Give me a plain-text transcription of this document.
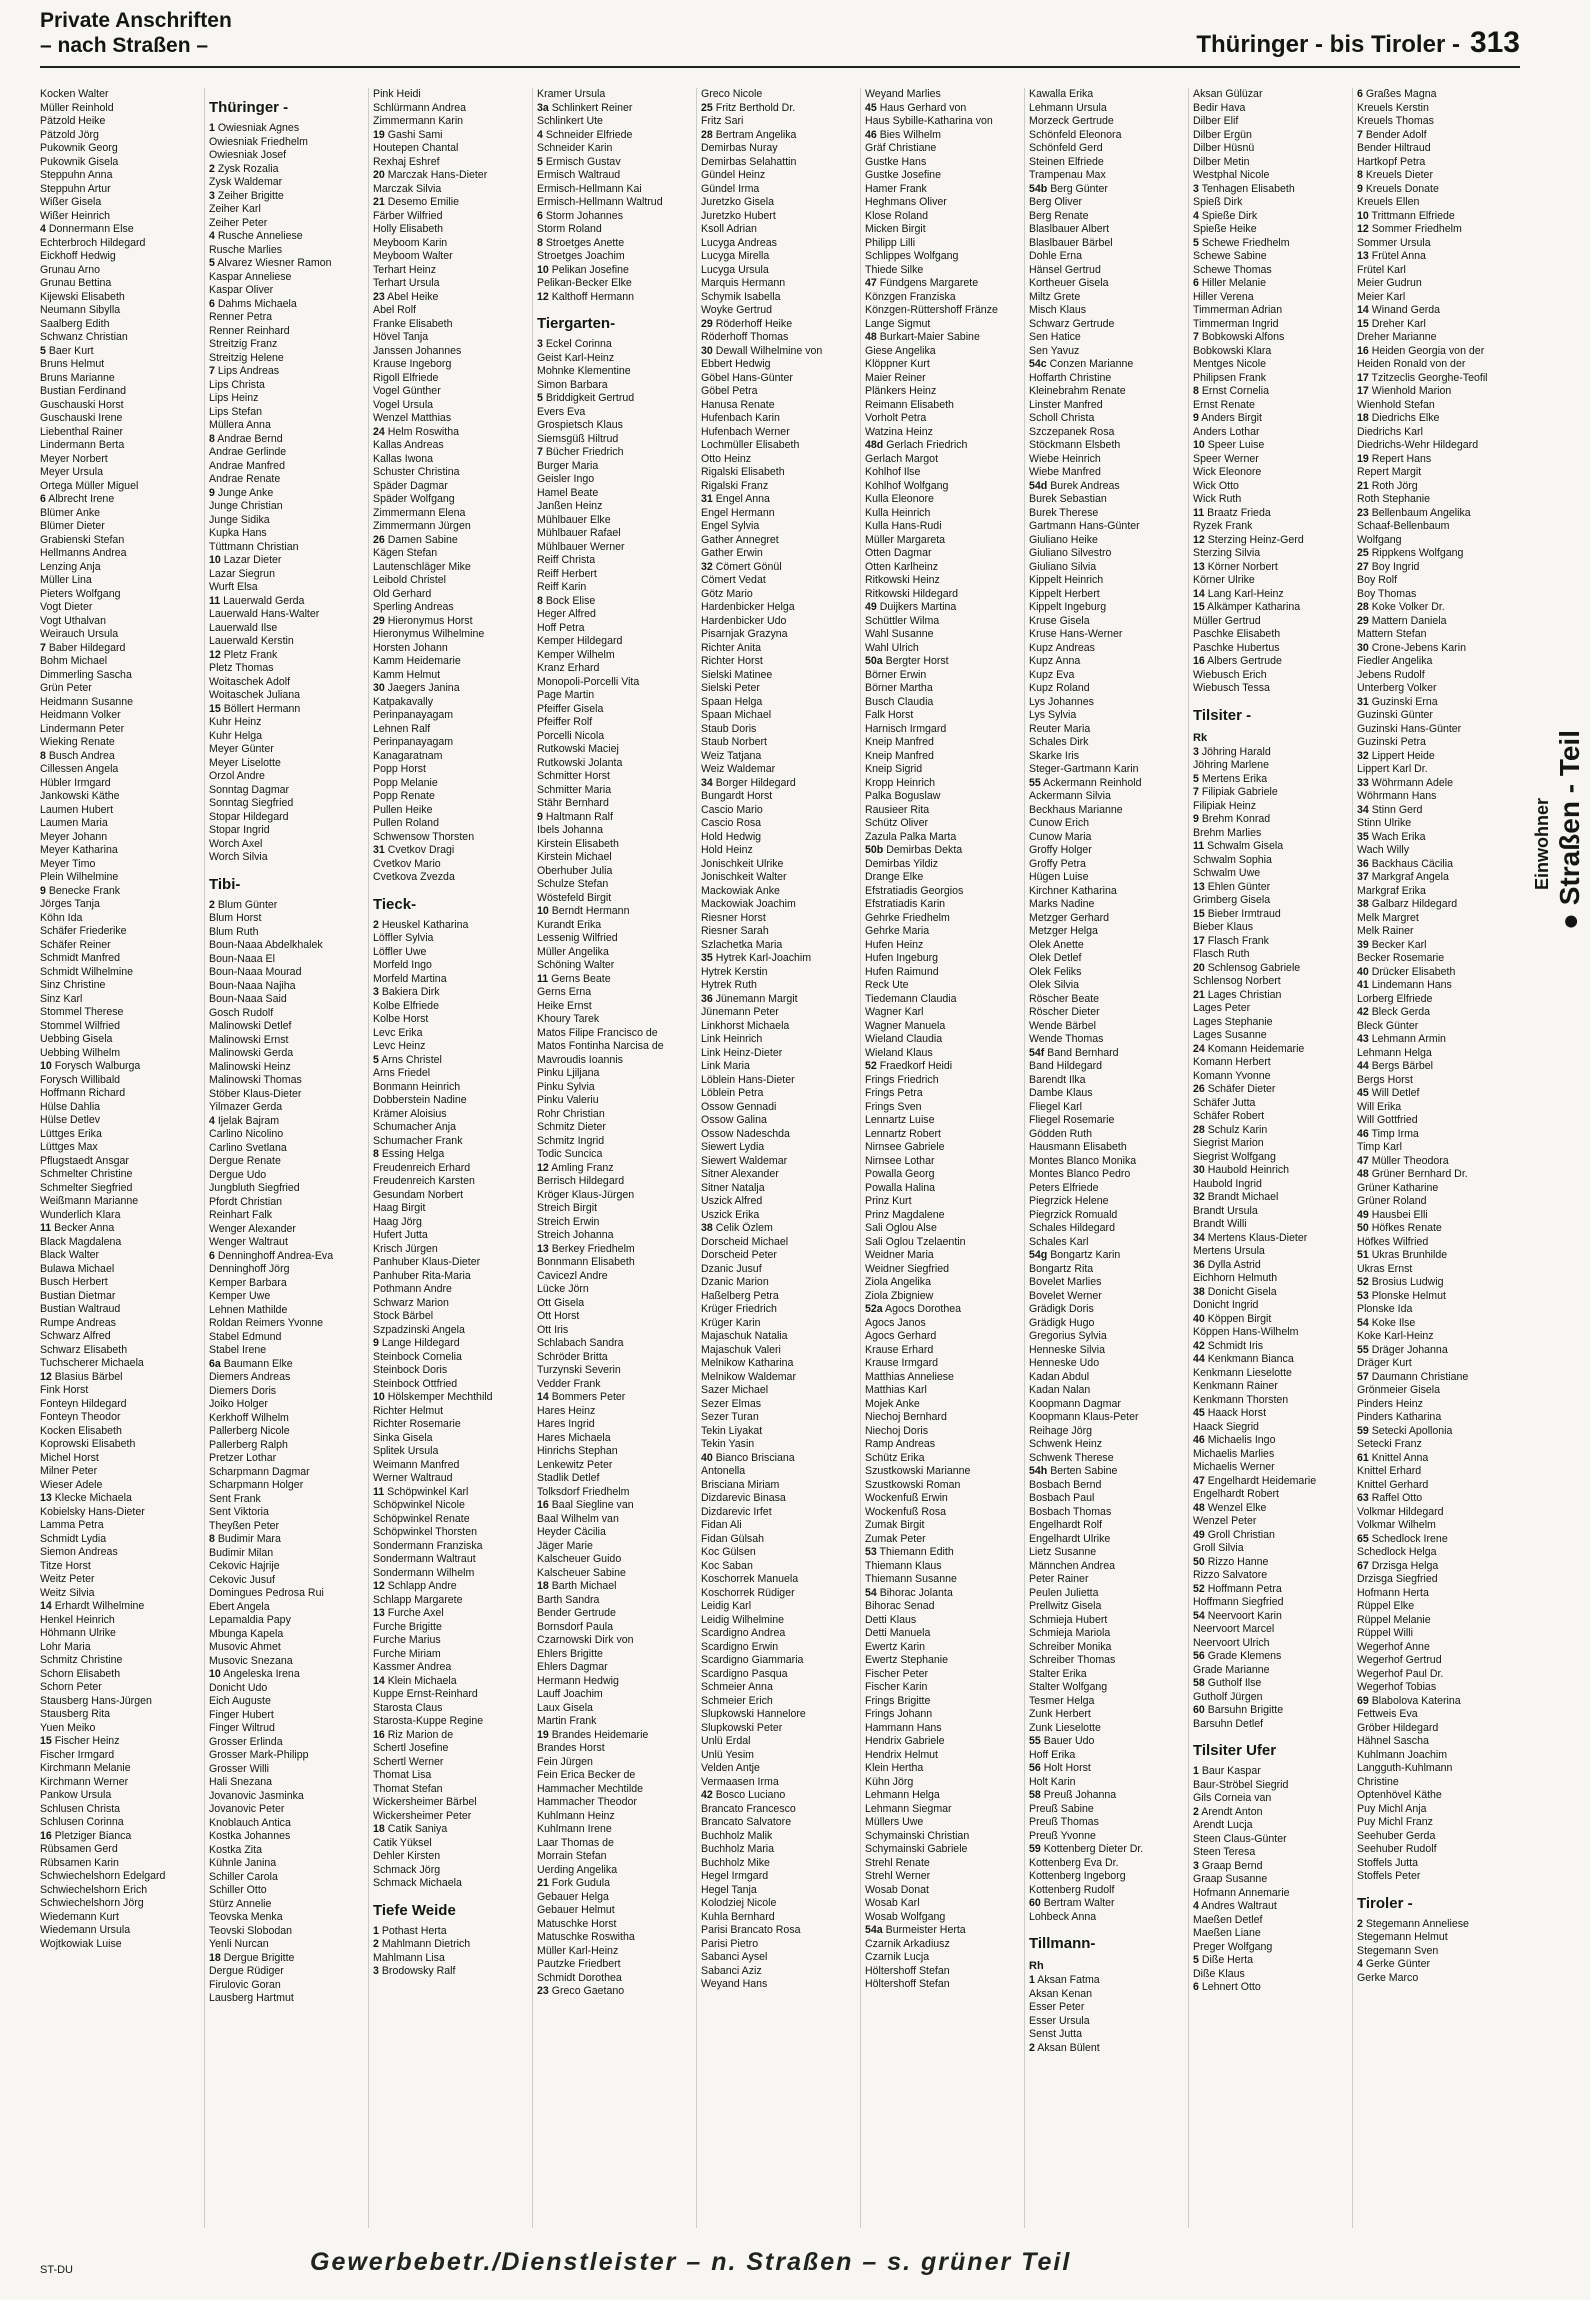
Private Anschriften
– nach Straßen –	Thüringer - bis Tiroler - 313
Kocken Walter
Müller Reinhold
Pätzold Heike
Pätzold Jörg
Pukownik Georg
Pukownik Gisela
Steppuhn Anna
Steppuhn Artur
Wißer Gisela
Wißer Heinrich
4 Donnermann Else
Echterbroch Hildegard
Eickhoff Hedwig
Grunau Arno
Grunau Bettina
Kijewski Elisabeth
Neumann Sibylla
Saalberg Edith
Schwanz Christian
5 Baer Kurt
Bruns Helmut
Bruns Marianne
Bustian Ferdinand
Guschauski Horst
Guschauski Irene
Liebenthal Rainer
Lindermann Berta
Meyer Norbert
Meyer Ursula
Ortega Müller Miguel
6 Albrecht Irene
Blümer Anke
Blümer Dieter
Grabienski Stefan
Hellmanns Andrea
Lenzing Anja
Müller Lina
Pieters Wolfgang
Vogt Dieter
Vogt Uthalvan
Weirauch Ursula
7 Baber Hildegard
Bohm Michael
Dimmerling Sascha
Grün Peter
Heidmann Susanne
Heidmann Volker
Lindermann Peter
Wieking Renate
8 Busch Andrea
Cillessen Angela
Hübler Irmgard
Jankowski Käthe
Laumen Hubert
Laumen Maria
Meyer Johann
Meyer Katharina
Meyer Timo
Plein Wilhelmine
9 Benecke Frank
Jörges Tanja
Köhn Ida
Schäfer Friederike
Schäfer Reiner
Schmidt Manfred
Schmidt Wilhelmine
Sinz Christine
Sinz Karl
Stommel Therese
Stommel Wilfried
Uebbing Gisela
Uebbing Wilhelm
10 Forysch Walburga
Forysch Willibald
Hoffmann Richard
Hülse Dahlia
Hülse Detlev
Lüttges Erika
Lüttges Max
Pflugstaedt Ansgar
Schmelter Christine
Schmelter Siegfried
Weißmann Marianne
Wunderlich Klara
11 Becker Anna
Black Magdalena
Black Walter
Bulawa Michael
Busch Herbert
Bustian Dietmar
Bustian Waltraud
Rumpe Andreas
Schwarz Alfred
Schwarz Elisabeth
Tuchscherer Michaela
12 Blasius Bärbel
Fink Horst
Fonteyn Hildegard
Fonteyn Theodor
Kocken Elisabeth
Koprowski Elisabeth
Michel Horst
Milner Peter
Wieser Adele
13 Klecke Michaela
Kobielsky Hans-Dieter
Lamma Petra
Schmidt Lydia
Siemon Andreas
Titze Horst
Weitz Peter
Weitz Silvia
14 Erhardt Wilhelmine
Henkel Heinrich
Höhmann Ulrike
Lohr Maria
Schmitz Christine
Schorn Elisabeth
Schorn Peter
Stausberg Hans-Jürgen
Stausberg Rita
Yuen Meiko
15 Fischer Heinz
Fischer Irmgard
Kirchmann Melanie
Kirchmann Werner
Pankow Ursula
Schlusen Christa
Schlusen Corinna
16 Pletziger Bianca
Rübsamen Gerd
Rübsamen Karin
Schwiechelshorn Edelgard
Schwiechelshorn Erich
Schwiechelshorn Jörg
Wiedemann Kurt
Wiedemann Ursula
Wojtkowiak Luise
Thüringer -
1 Owiesniak Agnes
Owiesniak Friedhelm
Owiesniak Josef
2 Zysk Rozalia
Zysk Waldemar
3 Zeiher Brigitte
Zeiher Karl
Zeiher Peter
4 Rusche Anneliese
Rusche Marlies
5 Alvarez Wiesner Ramon
Kaspar Anneliese
Kaspar Oliver
6 Dahms Michaela
Renner Petra
Renner Reinhard
Streitzig Franz
Streitzig Helene
7 Lips Andreas
Lips Christa
Lips Heinz
Lips Stefan
Müllera Anna
8 Andrae Bernd
Andrae Gerlinde
Andrae Manfred
Andrae Renate
9 Junge Anke
Junge Christian
Junge Sidika
Kupka Hans
Tüttmann Christian
10 Lazar Dieter
Lazar Siegrun
Wurft Elsa
11 Lauerwald Gerda
Lauerwald Hans-Walter
Lauerwald Ilse
Lauerwald Kerstin
12 Pletz Frank
Pletz Thomas
Woitaschek Adolf
Woitaschek Juliana
15 Böllert Hermann
Kuhr Heinz
Kuhr Helga
Meyer Günter
Meyer Liselotte
Orzol Andre
Sonntag Dagmar
Sonntag Siegfried
Stopar Hildegard
Stopar Ingrid
Worch Axel
Worch Silvia
Tibi-
2 Blum Günter
Blum Horst
Blum Ruth
Boun-Naaa Abdelkhalek
Boun-Naaa El
Boun-Naaa Mourad
Boun-Naaa Najiha
Boun-Naaa Said
Gosch Rudolf
Malinowski Detlef
Malinowski Ernst
Malinowski Gerda
Malinowski Heinz
Malinowski Thomas
Stöber Klaus-Dieter
Yilmazer Gerda
4 Ijelak Bajram
Carlino Nicolino
Carlino Svetlana
Dergue Renate
Dergue Udo
Jungbluth Siegfried
Pfordt Christian
Reinhart Falk
Wenger Alexander
Wenger Waltraut
6 Denninghoff Andrea-Eva
Denninghoff Jörg
Kemper Barbara
Kemper Uwe
Lehnen Mathilde
Roldan Reimers Yvonne
Stabel Edmund
Stabel Irene
6a Baumann Elke
Diemers Andreas
Diemers Doris
Joiko Holger
Kerkhoff Wilhelm
Pallerberg Nicole
Pallerberg Ralph
Pretzer Lothar
Scharpmann Dagmar
Scharpmann Holger
Sent Frank
Sent Viktoria
Theyßen Peter
8 Budimir Mara
Budimir Milan
Cekovic Hajrije
Cekovic Jusuf
Domingues Pedrosa Rui
Ebert Angela
Lepamaldia Papy
Mbunga Kapela
Musovic Ahmet
Musovic Snezana
10 Angeleska Irena
Donicht Udo
Eich Auguste
Finger Hubert
Finger Wiltrud
Grosser Erlinda
Grosser Mark-Philipp
Grosser Willi
Hali Snezana
Jovanovic Jasminka
Jovanovic Peter
Knoblauch Antica
Kostka Johannes
Kostka Zita
Kühnle Janina
Schiller Carola
Schiller Otto
Stürz Annelie
Teovska Menka
Teovski Slobodan
Yenli Nurcan
18 Dergue Brigitte
Dergue Rüdiger
Firulovic Goran
Lausberg Hartmut
Pink Heidi
Schlürmann Andrea
Zimmermann Karin
19 Gashi Sami
Houtepen Chantal
Rexhaj Eshref
20 Marczak Hans-Dieter
Marczak Silvia
21 Desemo Emilie
Färber Wilfried
Holly Elisabeth
Meyboom Karin
Meyboom Walter
Terhart Heinz
Terhart Ursula
23 Abel Heike
Abel Rolf
Franke Elisabeth
Hövel Tanja
Janssen Johannes
Krause Ingeborg
Rigoll Elfriede
Vogel Günther
Vogel Ursula
Wenzel Matthias
24 Helm Roswitha
Kallas Andreas
Kallas Iwona
Schuster Christina
Späder Dagmar
Späder Wolfgang
Zimmermann Elena
Zimmermann Jürgen
26 Damen Sabine
Kägen Stefan
Lautenschläger Mike
Leibold Christel
Old Gerhard
Sperling Andreas
29 Hieronymus Horst
Hieronymus Wilhelmine
Horsten Johann
Kamm Heidemarie
Kamm Helmut
30 Jaegers Janina
Katpakavally
Perinpanayagam
Lehnen Ralf
Perinpanayagam
Kanagaratnam
Popp Horst
Popp Melanie
Popp Renate
Pullen Heike
Pullen Roland
Schwensow Thorsten
31 Cvetkov Dragi
Cvetkov Mario
Cvetkova Zvezda
Tieck-
2 Heuskel Katharina
Löffler Sylvia
Löffler Uwe
Morfeld Ingo
Morfeld Martina
3 Bakiera Dirk
Kolbe Elfriede
Kolbe Horst
Levc Erika
Levc Heinz
5 Arns Christel
Arns Friedel
Bonmann Heinrich
Dobberstein Nadine
Krämer Aloisius
Schumacher Anja
Schumacher Frank
8 Essing Helga
Freudenreich Erhard
Freudenreich Karsten
Gesundam Norbert
Haag Birgit
Haag Jörg
Hufert Jutta
Krisch Jürgen
Panhuber Klaus-Dieter
Panhuber Rita-Maria
Pothmann Andre
Schwarz Marion
Stock Bärbel
Szpadzinski Angela
9 Lange Hildegard
Steinbock Cornelia
Steinbock Doris
Steinbock Ottfried
10 Hölskemper Mechthild
Richter Helmut
Richter Rosemarie
Sinka Gisela
Splitek Ursula
Weimann Manfred
Werner Waltraud
11 Schöpwinkel Karl
Schöpwinkel Nicole
Schöpwinkel Renate
Schöpwinkel Thorsten
Sondermann Franziska
Sondermann Waltraut
Sondermann Wilhelm
12 Schlapp Andre
Schlapp Margarete
13 Furche Axel
Furche Brigitte
Furche Marius
Furche Miriam
Kassmer Andrea
14 Klein Michaela
Kuppe Ernst-Reinhard
Starosta Claus
Starosta-Kuppe Regine
16 Riz Marion de
Schertl Josefine
Schertl Werner
Thomat Lisa
Thomat Stefan
Wickersheimer Bärbel
Wickersheimer Peter
18 Catik Saniya
Catik Yüksel
Dehler Kirsten
Schmack Jörg
Schmack Michaela
Tiefe Weide
1 Pothast Herta
2 Mahlmann Dietrich
Mahlmann Lisa
3 Brodowsky Ralf
Kramer Ursula
3a Schlinkert Reiner
Schlinkert Ute
4 Schneider Elfriede
Schneider Karin
5 Ermisch Gustav
Ermisch Waltraud
Ermisch-Hellmann Kai
Ermisch-Hellmann Waltrud
6 Storm Johannes
Storm Roland
8 Stroetges Anette
Stroetges Joachim
10 Pelikan Josefine
Pelikan-Becker Elke
12 Kalthoff Hermann
Tiergarten-
3 Eckel Corinna
Geist Karl-Heinz
Mohnke Klementine
Simon Barbara
5 Briddigkeit Gertrud
Evers Eva
Grospietsch Klaus
Siemsgüß Hiltrud
7 Bücher Friedrich
Burger Maria
Geisler Ingo
Hamel Beate
Janßen Heinz
Mühlbauer Elke
Mühlbauer Rafael
Mühlbauer Werner
Reiff Christa
Reiff Herbert
Reiff Karin
8 Bock Elise
Heger Alfred
Hoff Petra
Kemper Hildegard
Kemper Wilhelm
Kranz Erhard
Monopoli-Porcelli Vita
Page Martin
Pfeiffer Gisela
Pfeiffer Rolf
Porcelli Nicola
Rutkowski Maciej
Rutkowski Jolanta
Schmitter Horst
Schmitter Maria
Stähr Bernhard
9 Haltmann Ralf
Ibels Johanna
Kirstein Elisabeth
Kirstein Michael
Oberhuber Julia
Schulze Stefan
Wöstefeld Birgit
10 Berndt Hermann
Kurandt Erika
Lessenig Wilfried
Müller Angelika
Schöning Walter
11 Gerns Beate
Gerns Erna
Heike Ernst
Khoury Tarek
Matos Filipe Francisco de
Matos Fontinha Narcisa de
Mavroudis Ioannis
Pinku Ljiljana
Pinku Sylvia
Pinku Valeriu
Rohr Christian
Schmitz Dieter
Schmitz Ingrid
Todic Suncica
12 Amling Franz
Berrisch Hildegard
Kröger Klaus-Jürgen
Streich Birgit
Streich Erwin
Streich Johanna
13 Berkey Friedhelm
Bonnmann Elisabeth
Cavicezl Andre
Lücke Jörn
Ott Gisela
Ott Horst
Ott Iris
Schlabach Sandra
Schröder Britta
Turzynski Severin
Vedder Frank
14 Bommers Peter
Hares Heinz
Hares Ingrid
Hares Michaela
Hinrichs Stephan
Lenkewitz Peter
Stadlik Detlef
Tolksdorf Friedhelm
16 Baal Siegline van
Baal Wilhelm van
Heyder Cäcilia
Jäger Marie
Kalscheuer Guido
Kalscheuer Sabine
18 Barth Michael
Barth Sandra
Bender Gertrude
Bornsdorf Paula
Czarnowski Dirk von
Ehlers Brigitte
Ehlers Dagmar
Hermann Hedwig
Lauff Joachim
Laux Gisela
Martin Frank
19 Brandes Heidemarie
Brandes Horst
Fein Jürgen
Fein Erica Becker de
Hammacher Mechtilde
Hammacher Theodor
Kuhlmann Heinz
Kuhlmann Irene
Laar Thomas de
Morrain Stefan
Uerding Angelika
21 Fork Gudula
Gebauer Helga
Gebauer Helmut
Matuschke Horst
Matuschke Roswitha
Müller Karl-Heinz
Pautzke Friedbert
Schmidt Dorothea
23 Greco Gaetano
Greco Nicole
25 Fritz Berthold Dr.
Fritz Sari
28 Bertram Angelika
Demirbas Nuray
Demirbas Selahattin
Gündel Heinz
Gündel Irma
Juretzko Gisela
Juretzko Hubert
Ksoll Adrian
Lucyga Andreas
Lucyga Mirella
Lucyga Ursula
Marquis Hermann
Schymik Isabella
Woyke Gertrud
29 Röderhoff Heike
Röderhoff Thomas
30 Dewall Wilhelmine von
Ebbert Hedwig
Göbel Hans-Günter
Göbel Petra
Hanusa Renate
Hufenbach Karin
Hufenbach Werner
Lochmüller Elisabeth
Otto Heinz
Rigalski Elisabeth
Rigalski Franz
31 Engel Anna
Engel Hermann
Engel Sylvia
Gather Annegret
Gather Erwin
32 Cömert Gönül
Cömert Vedat
Götz Mario
Hardenbicker Helga
Hardenbicker Udo
Pisarnjak Grazyna
Richter Anita
Richter Horst
Sielski Matinee
Sielski Peter
Spaan Helga
Spaan Michael
Staub Doris
Staub Norbert
Weiz Tatjana
Weiz Waldemar
34 Borger Hildegard
Bungardt Horst
Cascio Mario
Cascio Rosa
Hold Hedwig
Hold Heinz
Jonischkeit Ulrike
Jonischkeit Walter
Mackowiak Anke
Mackowiak Joachim
Riesner Horst
Riesner Sarah
Szlachetka Maria
35 Hytrek Karl-Joachim
Hytrek Kerstin
Hytrek Ruth
36 Jünemann Margit
Jünemann Peter
Linkhorst Michaela
Link Heinrich
Link Heinz-Dieter
Link Maria
Löblein Hans-Dieter
Löblein Petra
Ossow Gennadi
Ossow Galina
Ossow Nadeschda
Siewert Lydia
Siewert Waldemar
Sitner Alexander
Sitner Natalja
Uszick Alfred
Uszick Erika
38 Celik Özlem
Dorscheid Michael
Dorscheid Peter
Dzanic Jusuf
Dzanic Marion
Haßelberg Petra
Krüger Friedrich
Krüger Karin
Majaschuk Natalia
Majaschuk Valeri
Melnikow Katharina
Melnikow Waldemar
Sazer Michael
Sezer Elmas
Sezer Turan
Tekin Liyakat
Tekin Yasin
40 Bianco Brisciana
Antonella
Brisciana Miriam
Dizdarevic Binasa
Dizdarevic Irfet
Fidan Ali
Fidan Gülsah
Koc Gülsen
Koc Saban
Koschorrek Manuela
Koschorrek Rüdiger
Leidig Karl
Leidig Wilhelmine
Scardigno Andrea
Scardigno Erwin
Scardigno Giammaria
Scardigno Pasqua
Schmeier Anna
Schmeier Erich
Slupkowski Hannelore
Slupkowski Peter
Unlü Erdal
Unlü Yesim
Velden Antje
Vermaasen Irma
42 Bosco Luciano
Brancato Francesco
Brancato Salvatore
Buchholz Malik
Buchholz Maria
Buchholz Mike
Hegel Irmgard
Hegel Tanja
Kolodziej Nicole
Kuhla Bernhard
Parisi Brancato Rosa
Parisi Pietro
Sabanci Aysel
Sabanci Aziz
Weyand Hans
Weyand Marlies
45 Haus Gerhard von
Haus Sybille-Katharina von
46 Bies Wilhelm
Gräf Christiane
Gustke Hans
Gustke Josefine
Hamer Frank
Heghmans Oliver
Klose Roland
Micken Birgit
Philipp Lilli
Schlippes Wolfgang
Thiede Silke
47 Fündgens Margarete
Könzgen Franziska
Könzgen-Rüttershoff Fränze
Lange Sigmut
48 Burkart-Maier Sabine
Giese Angelika
Klöppner Kurt
Maier Reiner
Plänkers Heinz
Reimann Elisabeth
Vorholt Petra
Watzina Heinz
48d Gerlach Friedrich
Gerlach Margot
Kohlhof Ilse
Kohlhof Wolfgang
Kulla Eleonore
Kulla Heinrich
Kulla Hans-Rudi
Müller Margareta
Otten Dagmar
Otten Karlheinz
Ritkowski Heinz
Ritkowski Hildegard
49 Duijkers Martina
Schüttler Wilma
Wahl Susanne
Wahl Ulrich
50a Bergter Horst
Börner Erwin
Börner Martha
Busch Claudia
Falk Horst
Harnisch Irmgard
Kneip Manfred
Kneip Manfred
Kneip Sigrid
Kropp Heinrich
Palka Boguslaw
Rausieer Rita
Schütz Oliver
Zazula Palka Marta
50b Demirbas Dekta
Demirbas Yildiz
Drange Elke
Efstratiadis Georgios
Efstratiadis Karin
Gehrke Friedhelm
Gehrke Maria
Hufen Heinz
Hufen Ingeburg
Hufen Raimund
Reck Ute
Tiedemann Claudia
Wagner Karl
Wagner Manuela
Wieland Claudia
Wieland Klaus
52 Fraedkorf Heidi
Frings Friedrich
Frings Petra
Frings Sven
Lennartz Luise
Lennartz Robert
Nirnsee Gabriele
Nirnsee Lothar
Powalla Georg
Powalla Halina
Prinz Kurt
Prinz Magdalene
Sali Oglou Alse
Sali Oglou Tzelaentin
Weidner Maria
Weidner Siegfried
Ziola Angelika
Ziola Zbigniew
52a Agocs Dorothea
Agocs Janos
Agocs Gerhard
Krause Erhard
Krause Irmgard
Matthias Anneliese
Matthias Karl
Mojek Anke
Niechoj Bernhard
Niechoj Doris
Ramp Andreas
Schütz Erika
Szustkowski Marianne
Szustkowski Roman
Wockenfuß Erwin
Wockenfuß Rosa
Zumak Birgit
Zumak Peter
53 Thiemann Edith
Thiemann Klaus
Thiemann Susanne
54 Bihorac Jolanta
Bihorac Senad
Detti Klaus
Detti Manuela
Ewertz Karin
Ewertz Stephanie
Fischer Peter
Fischer Karin
Frings Brigitte
Frings Johann
Hammann Hans
Hendrix Gabriele
Hendrix Helmut
Klein Hertha
Kühn Jörg
Lehmann Helga
Lehmann Siegmar
Müllers Uwe
Schymainski Christian
Schymainski Gabriele
Strehl Renate
Strehl Werner
Wosab Donat
Wosab Karl
Wosab Wolfgang
54a Burmeister Herta
Czarnik Arkadiusz
Czarnik Lucja
Höltershoff Stefan
Höltershoff Stefan
Kawalla Erika
Lehmann Ursula
Morzeck Gertrude
Schönfeld Eleonora
Schönfeld Gerd
Steinen Elfriede
Trampenau Max
54b Berg Günter
Berg Oliver
Berg Renate
Blaslbauer Albert
Blaslbauer Bärbel
Dohle Erna
Hänsel Gertrud
Kortheuer Gisela
Miltz Grete
Misch Klaus
Schwarz Gertrude
Sen Hatice
Sen Yavuz
54c Conzen Marianne
Hoffarth Christine
Kleinebrahm Renate
Linster Manfred
Scholl Christa
Szczepanek Rosa
Stöckmann Elsbeth
Wiebe Heinrich
Wiebe Manfred
54d Burek Andreas
Burek Sebastian
Burek Therese
Gartmann Hans-Günter
Giuliano Heike
Giuliano Silvestro
Giuliano Silvia
Kippelt Heinrich
Kippelt Herbert
Kippelt Ingeburg
Kruse Gisela
Kruse Hans-Werner
Kupz Andreas
Kupz Anna
Kupz Eva
Kupz Roland
Lys Johannes
Lys Sylvia
Reuter Maria
Schales Dirk
Skarke Iris
Steger-Gartmann Karin
55 Ackermann Reinhold
Ackermann Silvia
Beckhaus Marianne
Cunow Erich
Cunow Maria
Groffy Holger
Groffy Petra
Hügen Luise
Kirchner Katharina
Marks Nadine
Metzger Gerhard
Metzger Helga
Olek Anette
Olek Detlef
Olek Feliks
Olek Silvia
Röscher Beate
Röscher Dieter
Wende Bärbel
Wende Thomas
54f Band Bernhard
Band Hildegard
Barendt Ilka
Dambe Klaus
Fliegel Karl
Fliegel Rosemarie
Gödden Ruth
Hausmann Elisabeth
Montes Blanco Monika
Montes Blanco Pedro
Peters Elfriede
Piegrzick Helene
Piegrzick Romuald
Schales Hildegard
Schales Karl
54g Bongartz Karin
Bongartz Rita
Bovelet Marlies
Bovelet Werner
Grädigk Doris
Grädigk Hugo
Gregorius Sylvia
Henneske Silvia
Henneske Udo
Kadan Abdul
Kadan Nalan
Koopmann Dagmar
Koopmann Klaus-Peter
Reihage Jörg
Schwenk Heinz
Schwenk Therese
54h Berten Sabine
Bosbach Bernd
Bosbach Paul
Bosbach Thomas
Engelhardt Rolf
Engelhardt Ulrike
Lietz Susanne
Männchen Andrea
Peter Rainer
Peulen Julietta
Prellwitz Gisela
Schmieja Hubert
Schmieja Mariola
Schreiber Monika
Schreiber Thomas
Stalter Erika
Stalter Wolfgang
Tesmer Helga
Zunk Herbert
Zunk Lieselotte
55 Bauer Udo
Hoff Erika
56 Holt Horst
Holt Karin
58 Preuß Johanna
Preuß Sabine
Preuß Thomas
Preuß Yvonne
59 Kottenberg Dieter Dr.
Kottenberg Eva Dr.
Kottenberg Ingeborg
Kottenberg Rudolf
60 Bertram Walter
Lohbeck Anna
Tillmann-
Rh
1 Aksan Fatma
Aksan Kenan
Esser Peter
Esser Ursula
Senst Jutta
2 Aksan Bülent
Aksan Gülüzar
Bedir Hava
Dilber Elif
Dilber Ergün
Dilber Hüsnü
Dilber Metin
Westphal Nicole
3 Tenhagen Elisabeth
Spieß Dirk
4 Spieße Dirk
Spieße Heike
5 Schewe Friedhelm
Schewe Sabine
Schewe Thomas
6 Hiller Melanie
Hiller Verena
Timmerman Adrian
Timmerman Ingrid
7 Bobkowski Alfons
Bobkowski Klara
Mentges Nicole
Philipsen Frank
8 Ernst Cornelia
Ernst Renate
9 Anders Birgit
Anders Lothar
10 Speer Luise
Speer Werner
Wick Eleonore
Wick Otto
Wick Ruth
11 Braatz Frieda
Ryzek Frank
12 Sterzing Heinz-Gerd
Sterzing Silvia
13 Körner Norbert
Körner Ulrike
14 Lang Karl-Heinz
15 Alkämper Katharina
Müller Gertrud
Paschke Elisabeth
Paschke Hubertus
16 Albers Gertrude
Wiebusch Erich
Wiebusch Tessa
Tilsiter -
Rk
3 Jöhring Harald
Jöhring Marlene
5 Mertens Erika
7 Filipiak Gabriele
Filipiak Heinz
9 Brehm Konrad
Brehm Marlies
11 Schwalm Gisela
Schwalm Sophia
Schwalm Uwe
13 Ehlen Günter
Grimberg Gisela
15 Bieber Irmtraud
Bieber Klaus
17 Flasch Frank
Flasch Ruth
20 Schlensog Gabriele
Schlensog Norbert
21 Lages Christian
Lages Peter
Lages Stephanie
Lages Susanne
24 Komann Heidemarie
Komann Herbert
Komann Yvonne
26 Schäfer Dieter
Schäfer Jutta
Schäfer Robert
28 Schulz Karin
Siegrist Marion
Siegrist Wolfgang
30 Haubold Heinrich
Haubold Ingrid
32 Brandt Michael
Brandt Ursula
Brandt Willi
34 Mertens Klaus-Dieter
Mertens Ursula
36 Dylla Astrid
Eichhorn Helmuth
38 Donicht Gisela
Donicht Ingrid
40 Köppen Birgit
Köppen Hans-Wilhelm
42 Schmidt Iris
44 Kenkmann Bianca
Kenkmann Lieselotte
Kenkmann Rainer
Kenkmann Thorsten
45 Haack Horst
Haack Siegrid
46 Michaelis Ingo
Michaelis Marlies
Michaelis Werner
47 Engelhardt Heidemarie
Engelhardt Robert
48 Wenzel Elke
Wenzel Peter
49 Groll Christian
Groll Silvia
50 Rizzo Hanne
Rizzo Salvatore
52 Hoffmann Petra
Hoffmann Siegfried
54 Neervoort Karin
Neervoort Marcel
Neervoort Ulrich
56 Grade Klemens
Grade Marianne
58 Gutholf Ilse
Gutholf Jürgen
60 Barsuhn Brigitte
Barsuhn Detlef
Tilsiter Ufer
1 Baur Kaspar
Baur-Ströbel Siegrid
Gils Corneia van
2 Arendt Anton
Arendt Lucja
Steen Claus-Günter
Steen Teresa
3 Graap Bernd
Graap Susanne
Hofmann Annemarie
4 Andres Waltraut
Maeßen Detlef
Maeßen Liane
Preger Wolfgang
5 Diße Herta
Diße Klaus
6 Lehnert Otto
6 Graßes Magna
Kreuels Kerstin
Kreuels Thomas
7 Bender Adolf
Bender Hiltraud
Hartkopf Petra
8 Kreuels Dieter
9 Kreuels Donate
Kreuels Ellen
10 Trittmann Elfriede
12 Sommer Friedhelm
Sommer Ursula
13 Frütel Anna
Frütel Karl
Meier Gudrun
Meier Karl
14 Winand Gerda
15 Dreher Karl
Dreher Marianne
16 Heiden Georgia von der
Heiden Ronald von der
17 Tzitzeclis Georghe-Teofil
17 Wienhold Marion
Wienhold Stefan
18 Diedrichs Elke
Diedrichs Karl
Diedrichs-Wehr Hildegard
19 Repert Hans
Repert Margit
21 Roth Jörg
Roth Stephanie
23 Bellenbaum Angelika
Schaaf-Bellenbaum
Wolfgang
25 Rippkens Wolfgang
27 Boy Ingrid
Boy Rolf
Boy Thomas
28 Koke Volker Dr.
29 Mattern Daniela
Mattern Stefan
30 Crone-Jebens Karin
Fiedler Angelika
Jebens Rudolf
Unterberg Volker
31 Guzinski Erna
Guzinski Günter
Guzinski Hans-Günter
Guzinski Petra
32 Lippert Heide
Lippert Karl Dr.
33 Wöhrmann Adele
Wöhrmann Hans
34 Stinn Gerd
Stinn Ulrike
35 Wach Erika
Wach Willy
36 Backhaus Cäcilia
37 Markgraf Angela
Markgraf Erika
38 Galbarz Hildegard
Melk Margret
Melk Rainer
39 Becker Karl
Becker Rosemarie
40 Drücker Elisabeth
41 Lindemann Hans
Lorberg Elfriede
42 Bleck Gerda
Bleck Günter
43 Lehmann Armin
Lehmann Helga
44 Bergs Bärbel
Bergs Horst
45 Will Detlef
Will Erika
Will Gottfried
46 Timp Irma
Timp Karl
47 Müller Theodora
48 Grüner Bernhard Dr.
Grüner Katharine
Grüner Roland
49 Hausbei Elli
50 Höfkes Renate
Höfkes Wilfried
51 Ukras Brunhilde
Ukras Ernst
52 Brosius Ludwig
53 Plonske Helmut
Plonske Ida
54 Koke Ilse
Koke Karl-Heinz
55 Dräger Johanna
Dräger Kurt
57 Daumann Christiane
Grönmeier Gisela
Pinders Heinz
Pinders Katharina
59 Setecki Apollonia
Setecki Franz
61 Knittel Anna
Knittel Erhard
Knittel Gerhard
63 Raffel Otto
Volkmar Hildegard
Volkmar Wilhelm
65 Schedlock Irene
Schedlock Helga
67 Drzisga Helga
Drzisga Siegfried
Hofmann Herta
Rüppel Elke
Rüppel Melanie
Rüppel Willi
Wegerhof Anne
Wegerhof Gertrud
Wegerhof Paul Dr.
Wegerhof Tobias
69 Blabolova Katerina
Fettweis Eva
Gröber Hildegard
Hähnel Sascha
Kuhlmann Joachim
Langguth-Kuhlmann
Christine
Optenhövel Käthe
Puy Michl Anja
Puy Michl Franz
Seehuber Gerda
Seehuber Rudolf
Stoffels Jutta
Stoffels Peter
Tiroler -
2 Stegemann Anneliese
Stegemann Helmut
Stegemann Sven
4 Gerke Günter
Gerke Marco
Einwohner ● Straßen - Teil
ST-DU	Gewerbebetr./Dienstleister – n. Straßen – s. grüner Teil
